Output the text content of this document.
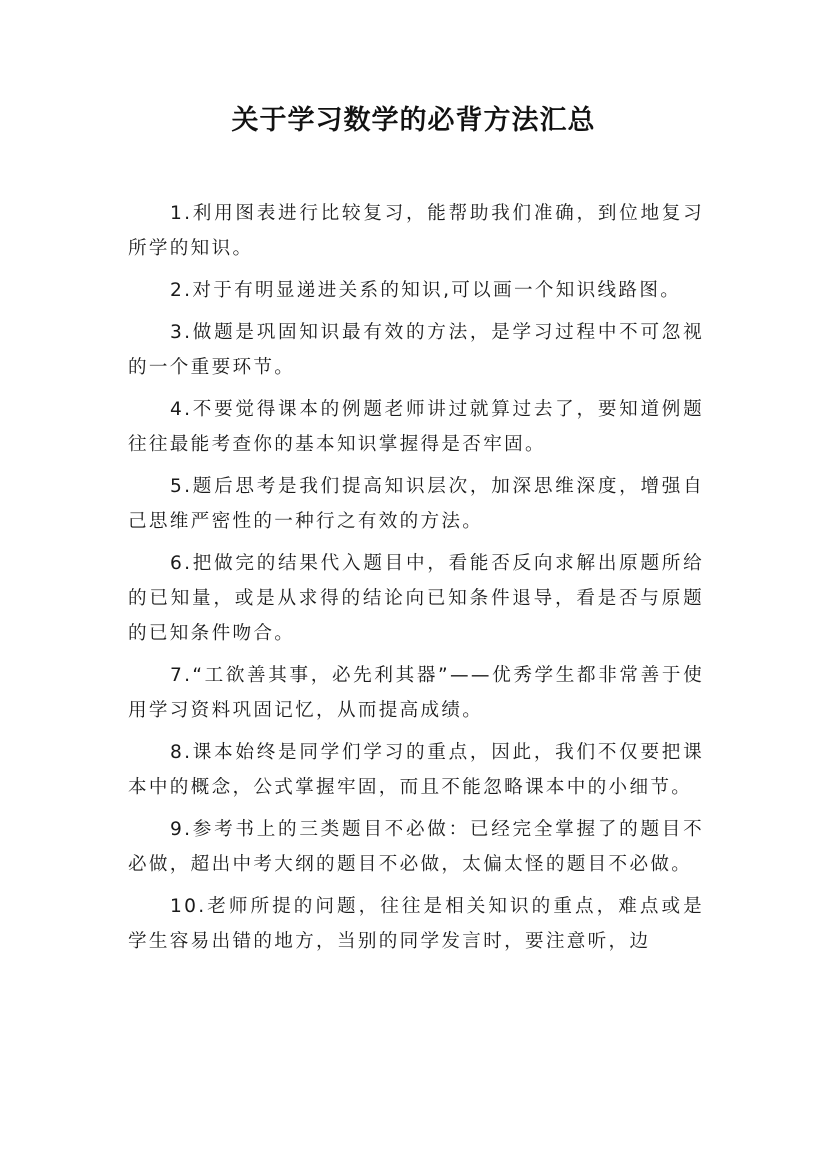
关于学习数学的必背方法汇总

1.利用图表进行比较复习，能帮助我们准确，到位地复习所学的知识。

2.对于有明显递进关系的知识,可以画一个知识线路图。

3.做题是巩固知识最有效的方法，是学习过程中不可忽视的一个重要环节。

4.不要觉得课本的例题老师讲过就算过去了，要知道例题往往最能考查你的基本知识掌握得是否牢固。

5.题后思考是我们提高知识层次，加深思维深度，增强自己思维严密性的一种行之有效的方法。

6.把做完的结果代入题目中，看能否反向求解出原题所给的已知量，或是从求得的结论向已知条件退导，看是否与原题的已知条件吻合。

7.“工欲善其事，必先利其器”——优秀学生都非常善于使用学习资料巩固记忆，从而提高成绩。

8.课本始终是同学们学习的重点，因此，我们不仅要把课本中的概念，公式掌握牢固，而且不能忽略课本中的小细节。

9.参考书上的三类题目不必做：已经完全掌握了的题目不必做，超出中考大纲的题目不必做，太偏太怪的题目不必做。

10.老师所提的问题，往往是相关知识的重点，难点或是学生容易出错的地方，当别的同学发言时，要注意听，边
